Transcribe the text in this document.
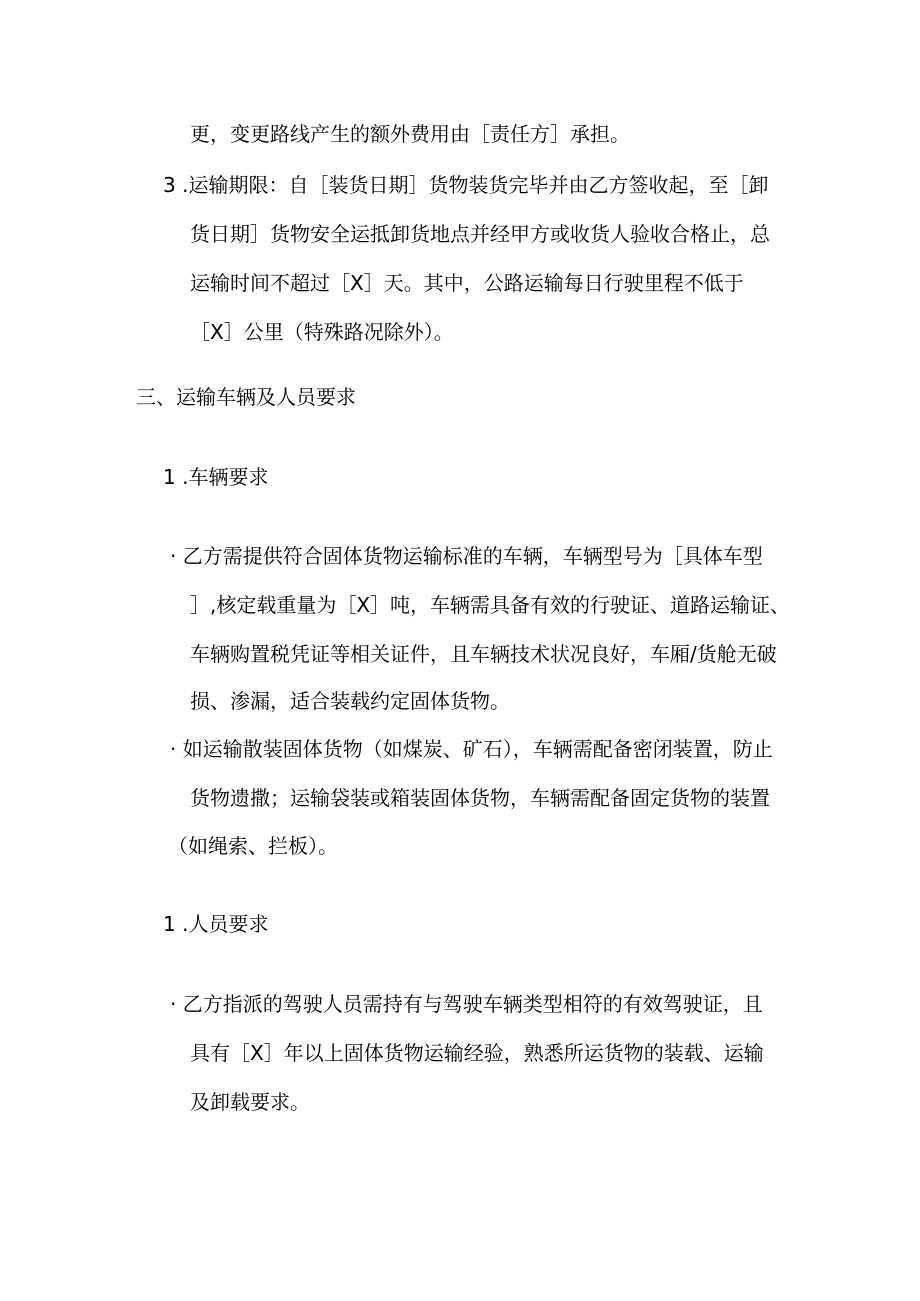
更，变更路线产生的额外费用由［责任方］承担。
3 .运输期限：自［装货日期］货物装货完毕并由乙方签收起，至［卸
货日期］货物安全运抵卸货地点并经甲方或收货人验收合格止，总
运输时间不超过［X］天。其中，公路运输每日行驶里程不低于
［X］公里（特殊路况除外）。
三、运输车辆及人员要求
1 .车辆要求
· 乙方需提供符合固体货物运输标准的车辆，车辆型号为［具体车型
］,核定载重量为［X］吨，车辆需具备有效的行驶证、道路运输证、
车辆购置税凭证等相关证件，且车辆技术状况良好，车厢/货舱无破
损、渗漏，适合装载约定固体货物。
· 如运输散装固体货物（如煤炭、矿石），车辆需配备密闭装置，防止
货物遗撒；运输袋装或箱装固体货物，车辆需配备固定货物的装置
（如绳索、拦板）。
1 .人员要求
· 乙方指派的驾驶人员需持有与驾驶车辆类型相符的有效驾驶证，且
具有［X］年以上固体货物运输经验，熟悉所运货物的装载、运输
及卸载要求。
